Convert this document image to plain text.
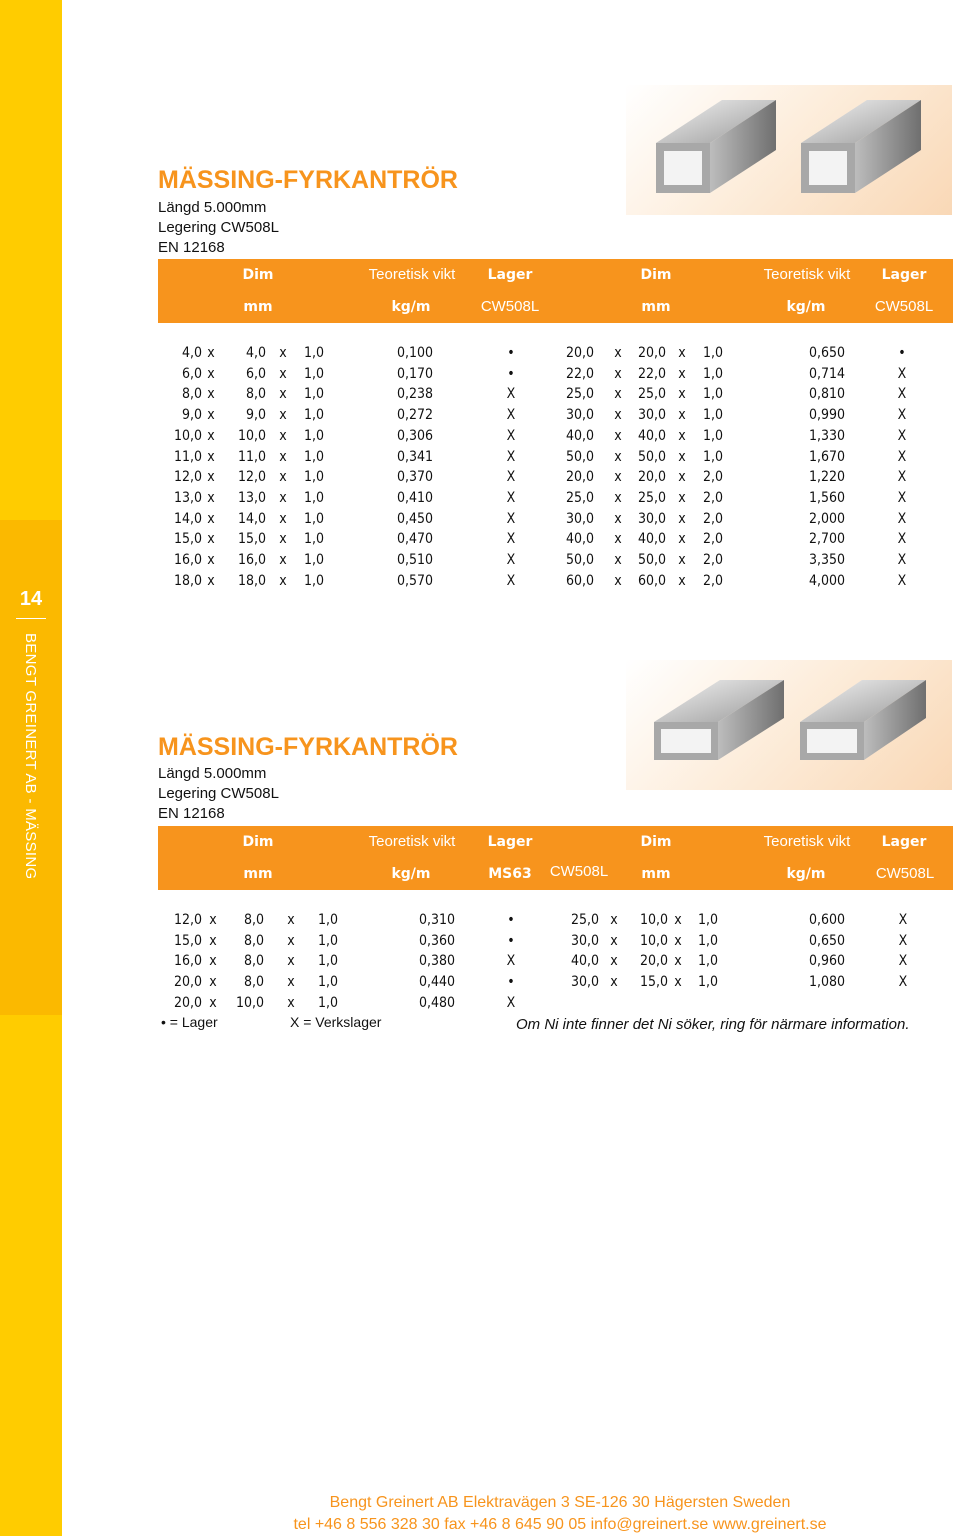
14
BENGT GREINERT AB - MÄSSING
MÄSSING-FYRKANTRÖR
Längd 5.000mm
Legering CW508L
EN 12168
Dim	Teoretisk vikt	Lager	Dim	Teoretisk vikt	Lager
mm	kg/m	CW508L	mm	kg/m	CW508L
4,0 x	4,0 x	1,0	0,100	•
6,0 x	6,0 x	1,0	0,170	•
8,0 x	8,0 x	1,0	0,238	X
9,0 x	9,0 x	1,0	0,272	X
10,0 x	10,0 x	1,0	0,306	X
11,0 x	11,0 x	1,0	0,341	X
12,0 x	12,0 x	1,0	0,370	X
13,0 x	13,0 x	1,0	0,410	X
14,0 x	14,0 x	1,0	0,450	X
15,0 x	15,0 x	1,0	0,470	X
16,0 x	16,0 x	1,0	0,510	X
18,0 x	18,0 x	1,0	0,570	X
20,0 x	20,0 x	1,0	0,650	•
22,0 x	22,0 x	1,0	0,714	X
25,0 x	25,0 x	1,0	0,810	X
30,0 x	30,0 x	1,0	0,990	X
40,0 x	40,0 x	1,0	1,330	X
50,0 x	50,0 x	1,0	1,670	X
20,0 x	20,0 x	2,0	1,220	X
25,0 x	25,0 x	2,0	1,560	X
30,0 x	30,0 x	2,0	2,000	X
40,0 x	40,0 x	2,0	2,700	X
50,0 x	50,0 x	2,0	3,350	X
60,0 x	60,0 x	2,0	4,000	X
MÄSSING-FYRKANTRÖR
Längd 5.000mm
Legering CW508L
EN 12168
Dim	Teoretisk vikt	Lager	Dim	Teoretisk vikt	Lager
mm	kg/m	MS63	CW508L	mm	kg/m	CW508L
12,0 x	8,0 x	1,0	0,310	•
15,0 x	8,0 x	1,0	0,360	•
16,0 x	8,0 x	1,0	0,380	X
20,0 x	8,0 x	1,0	0,440	•
20,0 x	10,0 x	1,0	0,480	X
25,0 x	10,0 x	1,0	0,600	X
30,0 x	10,0 x	1,0	0,650	X
40,0 x	20,0 x	1,0	0,960	X
30,0 x	15,0 x	1,0	1,080	X
• = Lager	X = Verkslager	Om Ni inte finner det Ni söker, ring för närmare information.
Bengt Greinert AB Elektravägen 3 SE-126 30 Hägersten Sweden
tel +46 8 556 328 30 fax +46 8 645 90 05 info@greinert.se www.greinert.se
